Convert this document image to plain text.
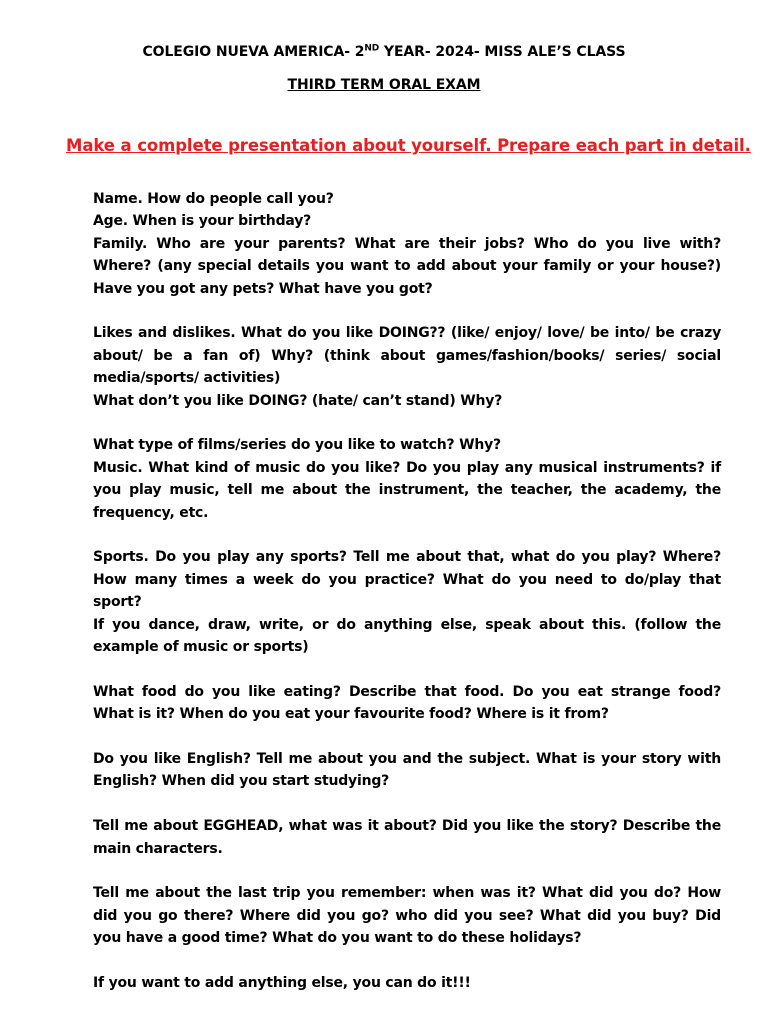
COLEGIO NUEVA AMERICA- 2ND YEAR- 2024- MISS ALE’S CLASS
THIRD TERM ORAL EXAM
Make a complete presentation about yourself. Prepare each part in detail.

Name. How do people call you?

Age. When is your birthday?

Family. Who are your parents? What are their jobs? Who do you live with? Where? (any special details you want to add about your family or your house?) Have you got any pets? What have you got?

Likes and dislikes. What do you like DOING?? (like/ enjoy/ love/ be into/ be crazy about/ be a fan of) Why? (think about games/fashion/books/ series/ social media/sports/ activities)

What don’t you like DOING? (hate/ can’t stand) Why?

What type of films/series do you like to watch? Why?

Music. What kind of music do you like? Do you play any musical instruments? if you play music, tell me about the instrument, the teacher, the academy, the frequency, etc.

Sports. Do you play any sports? Tell me about that, what do you play? Where? How many times a week do you practice? What do you need to do/play that sport?

If you dance, draw, write, or do anything else, speak about this. (follow the example of music or sports)

What food do you like eating? Describe that food. Do you eat strange food? What is it? When do you eat your favourite food? Where is it from?

Do you like English? Tell me about you and the subject. What is your story with English? When did you start studying?

Tell me about EGGHEAD, what was it about? Did you like the story? Describe the main characters.

Tell me about the last trip you remember: when was it? What did you do? How did you go there? Where did you go? who did you see? What did you buy? Did you have a good time? What do you want to do these holidays?

If you want to add anything else, you can do it!!!
